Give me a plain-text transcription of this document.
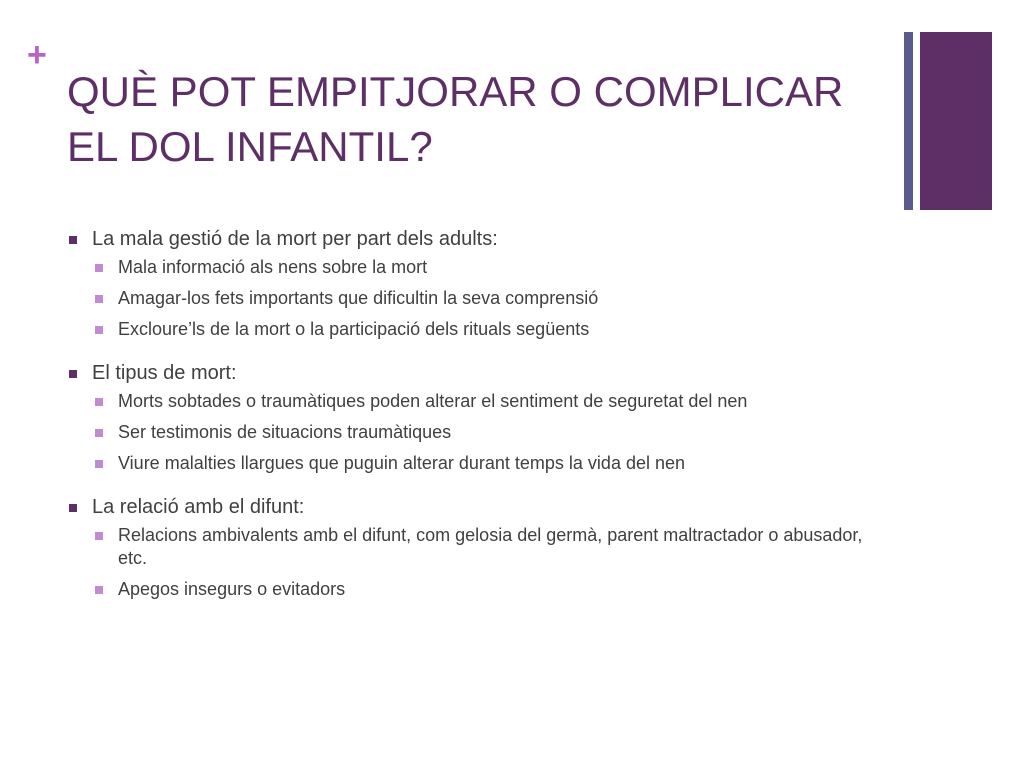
+
QUÈ POT EMPITJORAR O COMPLICAR
EL DOL INFANTIL?
La mala gestió de la mort per part dels adults:
Mala informació als nens sobre la mort
Amagar-los fets importants que dificultin la seva comprensió
Excloure’ls de la mort o la participació dels rituals següents
El tipus de mort:
Morts sobtades o traumàtiques poden alterar el sentiment de seguretat del nen
Ser testimonis de situacions traumàtiques
Viure malalties llargues que puguin alterar durant temps la vida del nen
La relació amb el difunt:
Relacions ambivalents amb el difunt, com gelosia del germà, parent maltractador o abusador, etc.
Apegos insegurs o evitadors
